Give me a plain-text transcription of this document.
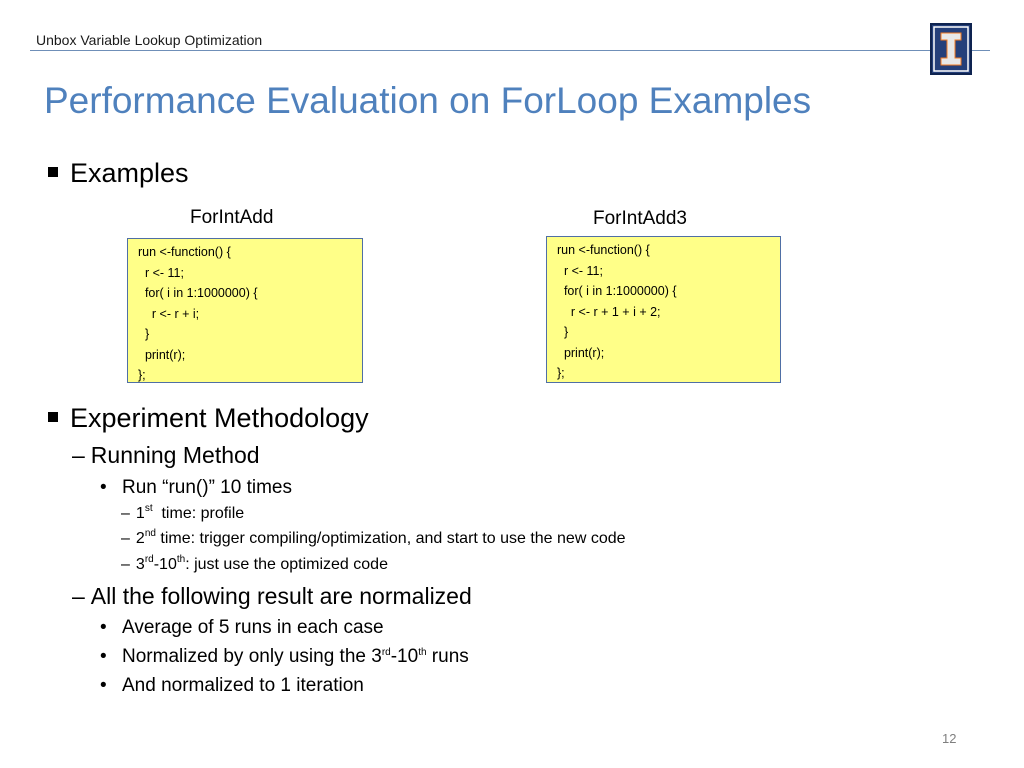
Unbox Variable Lookup Optimization
Performance Evaluation on ForLoop Examples
Examples
ForIntAdd
run <-function() {
r <- 11;
for( i in 1:1000000) {
r <- r + i;
}
print(r);
};
ForIntAdd3
run <-function() {
r <- 11;
for( i in 1:1000000) {
r <- r + 1 + i + 2;
}
print(r);
};
Experiment Methodology
– Running Method
• Run “run()” 10 times
– 1st  time: profile
– 2nd time: trigger compiling/optimization, and start to use the new code
– 3rd-10th: just use the optimized code
– All the following result are normalized
• Average of 5 runs in each case
• Normalized by only using the 3rd-10th runs
• And normalized to 1 iteration
12
